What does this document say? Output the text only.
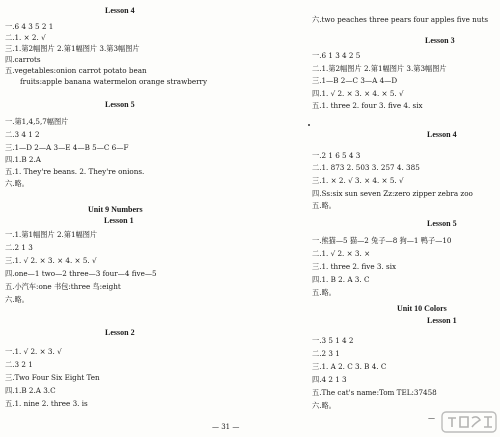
Lesson 4
一.6 4 3 5 2 1
二.1. × 2. √
三.1.第2幅图片 2.第1幅图片 3.第3幅图片
四.carrots
五.vegetables:onion carrot potato bean
fruits:apple banana watermelon orange strawberry
Lesson 5
一.第1,4,5,7幅图片
二.3 4 1 2
三.1—D 2—A 3—E 4—B 5—C 6—F
四.1.B 2.A
五.1. They're beans. 2. They're onions.
六.略。
Unit 9 Numbers
Lesson 1
一.1.第1幅图片 2.第1幅图片
二.2 1 3
三.1. √ 2. × 3. × 4. × 5. √
四.one—1 two—2 three—3 four—4 five—5
五.小汽车:one 书包:three 鸟:eight
六.略。
Lesson 2
一.1. √ 2. × 3. √
二.3 2 1
三.Two Four Six Eight Ten
四.1.B 2.A 3.C
五.1. nine 2. three 3. is
— 31 —
六.two peaches three pears four apples five nuts
Lesson 3
一.6 1 3 4 2 5
二.1.第2幅图片 2.第1幅图片 3.第3幅图片
三.1—B 2—C 3—A 4—D
四.1. √ 2. × 3. × 4. × 5. √
五.1. three 2. four 3. five 4. six
Lesson 4
一.2 1 6 5 4 3
二.1. 873 2. 503 3. 257 4. 385
三.1. × 2. √ 3. × 4. × 5. √
四.Ss:six sun seven Zz:zero zipper zebra zoo
五.略。
Lesson 5
一.熊猫—5 猫—2 兔子—8 狗—1 鸭子—10
二.1. √ 2. × 3. ×
三.1. three 2. five 3. six
四.1. B 2. A 3. C
五.略。
Unit 10 Colors
Lesson 1
一.3 5 1 4 2
二.2 3 1
三.1. A 2. C 3. B 4. C
四.4 2 1 3
五.The cat's name:Tom TEL:37458
六.略。
—
